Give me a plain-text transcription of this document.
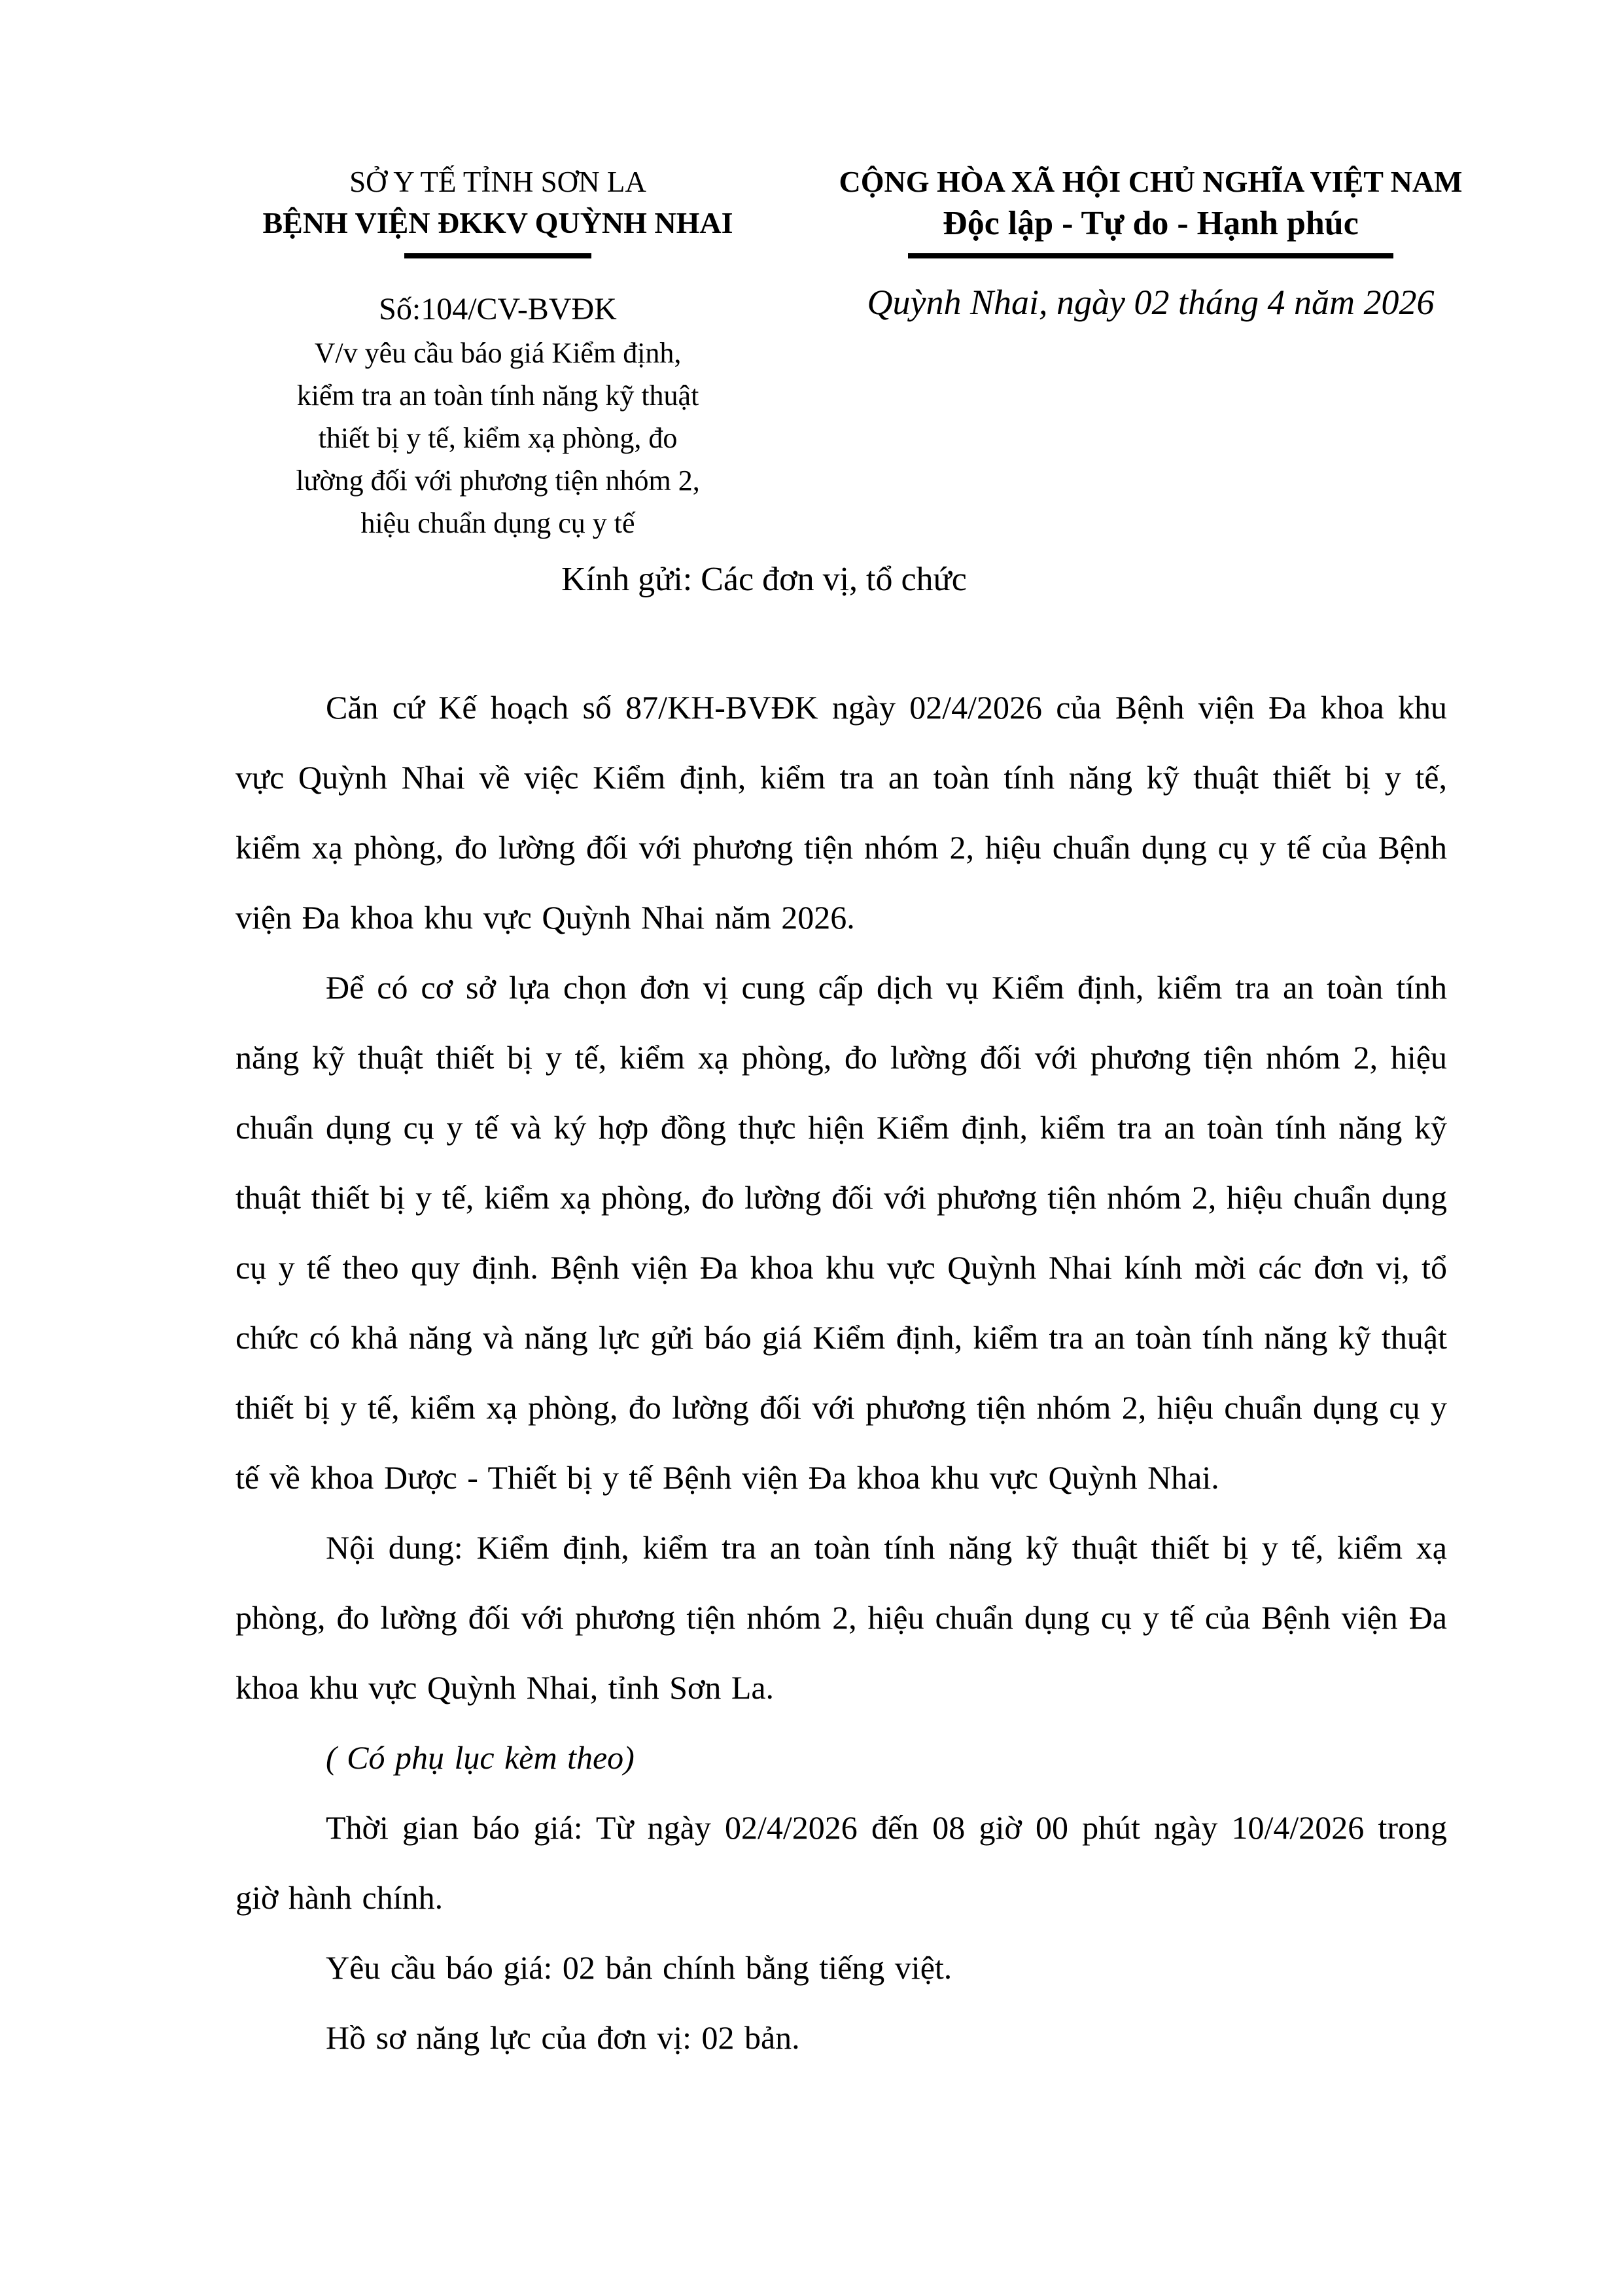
SỞ Y TẾ TỈNH SƠN LA
BỆNH VIỆN ĐKKV QUỲNH NHAI
Số:104/CV-BVĐK
V/v yêu cầu báo giá Kiểm định,
kiểm tra an toàn tính năng kỹ thuật
thiết bị y tế, kiểm xạ phòng, đo
lường đối với phương tiện nhóm 2,
hiệu chuẩn dụng cụ y tế
CỘNG HÒA XÃ HỘI CHỦ NGHĨA VIỆT NAM
Độc lập - Tự do - Hạnh phúc
Quỳnh Nhai, ngày 02 tháng 4 năm 2026
Kính gửi: Các đơn vị, tổ chức

Căn cứ Kế hoạch số 87/KH-BVĐK ngày 02/4/2026 của Bệnh viện Đa khoa khu vực Quỳnh Nhai về việc Kiểm định, kiểm tra an toàn tính năng kỹ thuật thiết bị y tế, kiểm xạ phòng, đo lường đối với phương tiện nhóm 2, hiệu chuẩn dụng cụ y tế của Bệnh viện Đa khoa khu vực Quỳnh Nhai năm 2026.

Để có cơ sở lựa chọn đơn vị cung cấp dịch vụ Kiểm định, kiểm tra an toàn tính năng kỹ thuật thiết bị y tế, kiểm xạ phòng, đo lường đối với phương tiện nhóm 2, hiệu chuẩn dụng cụ y tế và ký hợp đồng thực hiện Kiểm định, kiểm tra an toàn tính năng kỹ thuật thiết bị y tế, kiểm xạ phòng, đo lường đối với phương tiện nhóm 2, hiệu chuẩn dụng cụ y tế theo quy định. Bệnh viện Đa khoa khu vực Quỳnh Nhai kính mời các đơn vị, tổ chức có khả năng và năng lực gửi báo giá Kiểm định, kiểm tra an toàn tính năng kỹ thuật thiết bị y tế, kiểm xạ phòng, đo lường đối với phương tiện nhóm 2, hiệu chuẩn dụng cụ y tế về khoa Dược - Thiết bị y tế Bệnh viện Đa khoa khu vực Quỳnh Nhai.

Nội dung: Kiểm định, kiểm tra an toàn tính năng kỹ thuật thiết bị y tế, kiểm xạ phòng, đo lường đối với phương tiện nhóm 2, hiệu chuẩn dụng cụ y tế của Bệnh viện Đa khoa khu vực Quỳnh Nhai, tỉnh Sơn La.

( Có phụ lục kèm theo)

Thời gian báo giá: Từ ngày 02/4/2026 đến 08 giờ 00 phút ngày 10/4/2026 trong giờ hành chính.

Yêu cầu báo giá: 02 bản chính bằng tiếng việt.

Hồ sơ năng lực của đơn vị: 02 bản.
